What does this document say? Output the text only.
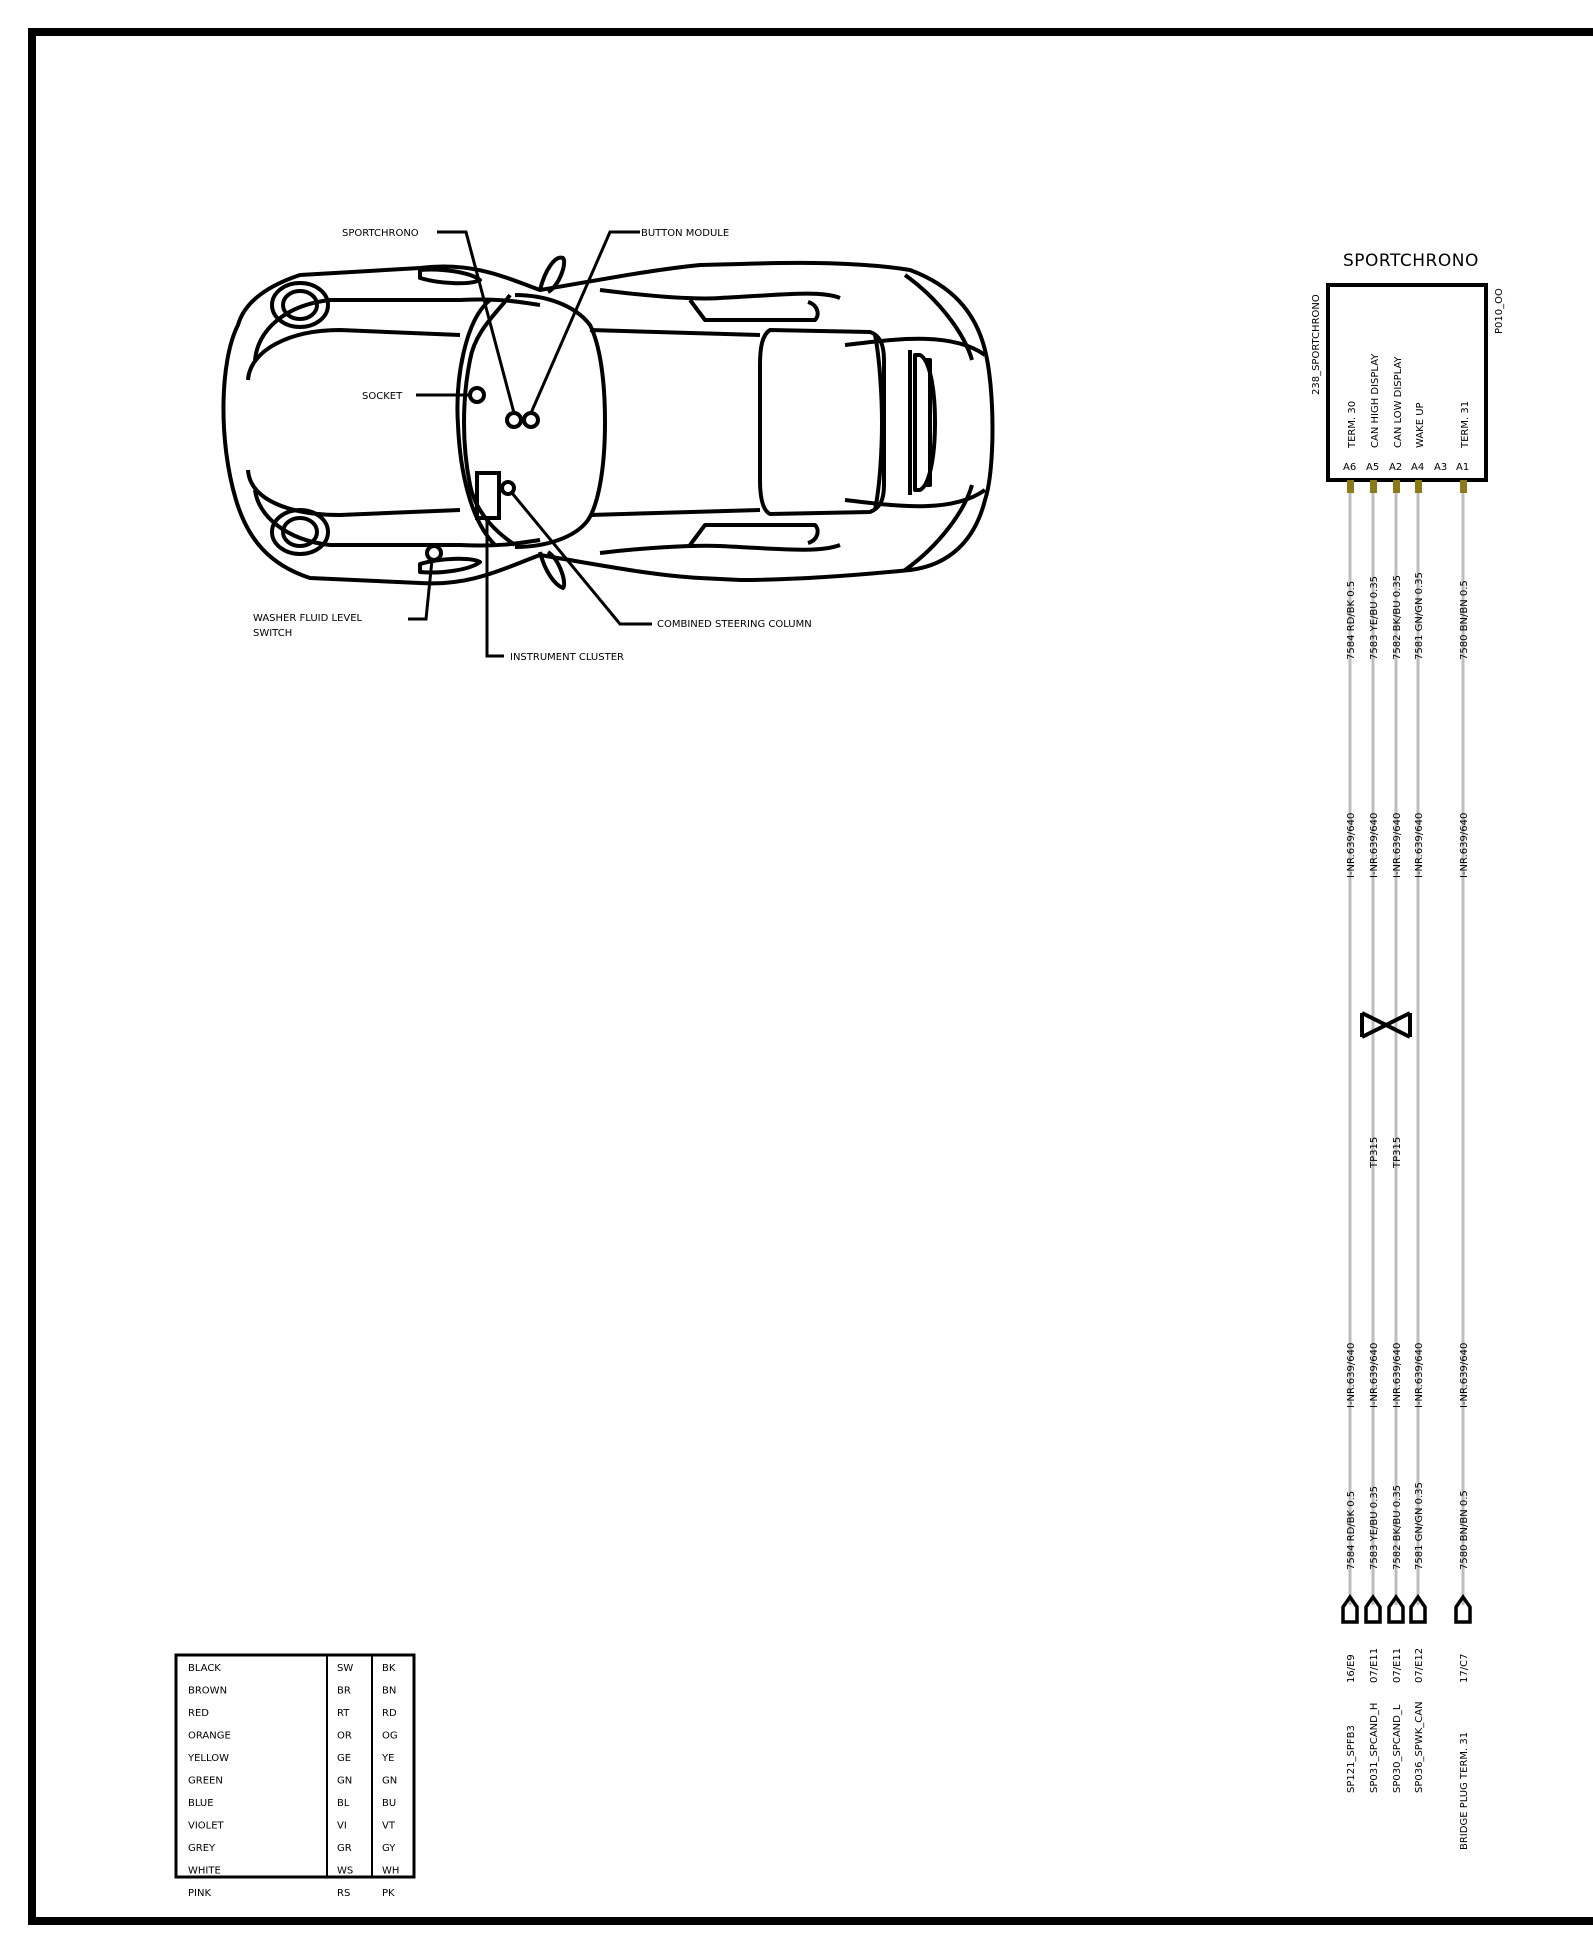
SPORTCHRONO	BUTTON MODULE
SOCKET
WASHER FLUID LEVEL
SWITCH
COMBINED STEERING COLUMN
INSTRUMENT CLUSTER
SPORTCHRONO
238_SPORTCHRONO	P010_OO
TERM. 30 CAN HIGH DISPLAY CAN LOW DISPLAY WAKE UP	TERM. 31
A6 A5 A2 A4 A3 A1
7584 RD/BK 0.5
I-NR.639/640
I-NR.639/640
7584 RD/BK 0.5
16/E9
SP121_SPFB3
7583 YE/BU 0.35
I-NR.639/640
TP315
I-NR.639/640
7583 YE/BU 0.35
07/E11
SP031_SPCAND_H
7582 BK/BU 0.35
I-NR.639/640
TP315
I-NR.639/640
7582 BK/BU 0.35
07/E11
SP030_SPCAND_L
7581 GN/GN 0.35
I-NR.639/640
I-NR.639/640
7581 GN/GN 0.35
07/E12
SP036_SPWK_CAN
7580 BN/BN 0.5
I-NR.639/640
I-NR.639/640
7580 BN/BN 0.5
17/C7
BRIDGE PLUG TERM. 31
BLACK	SW	BK
BROWN	BR	BN
RED	RT	RD
ORANGE	OR	OG
YELLOW	GE	YE
GREEN	GN	GN
BLUE	BL	BU
VIOLET	VI	VT
GREY	GR	GY
WHITE	WS	WH
PINK	RS	PK
